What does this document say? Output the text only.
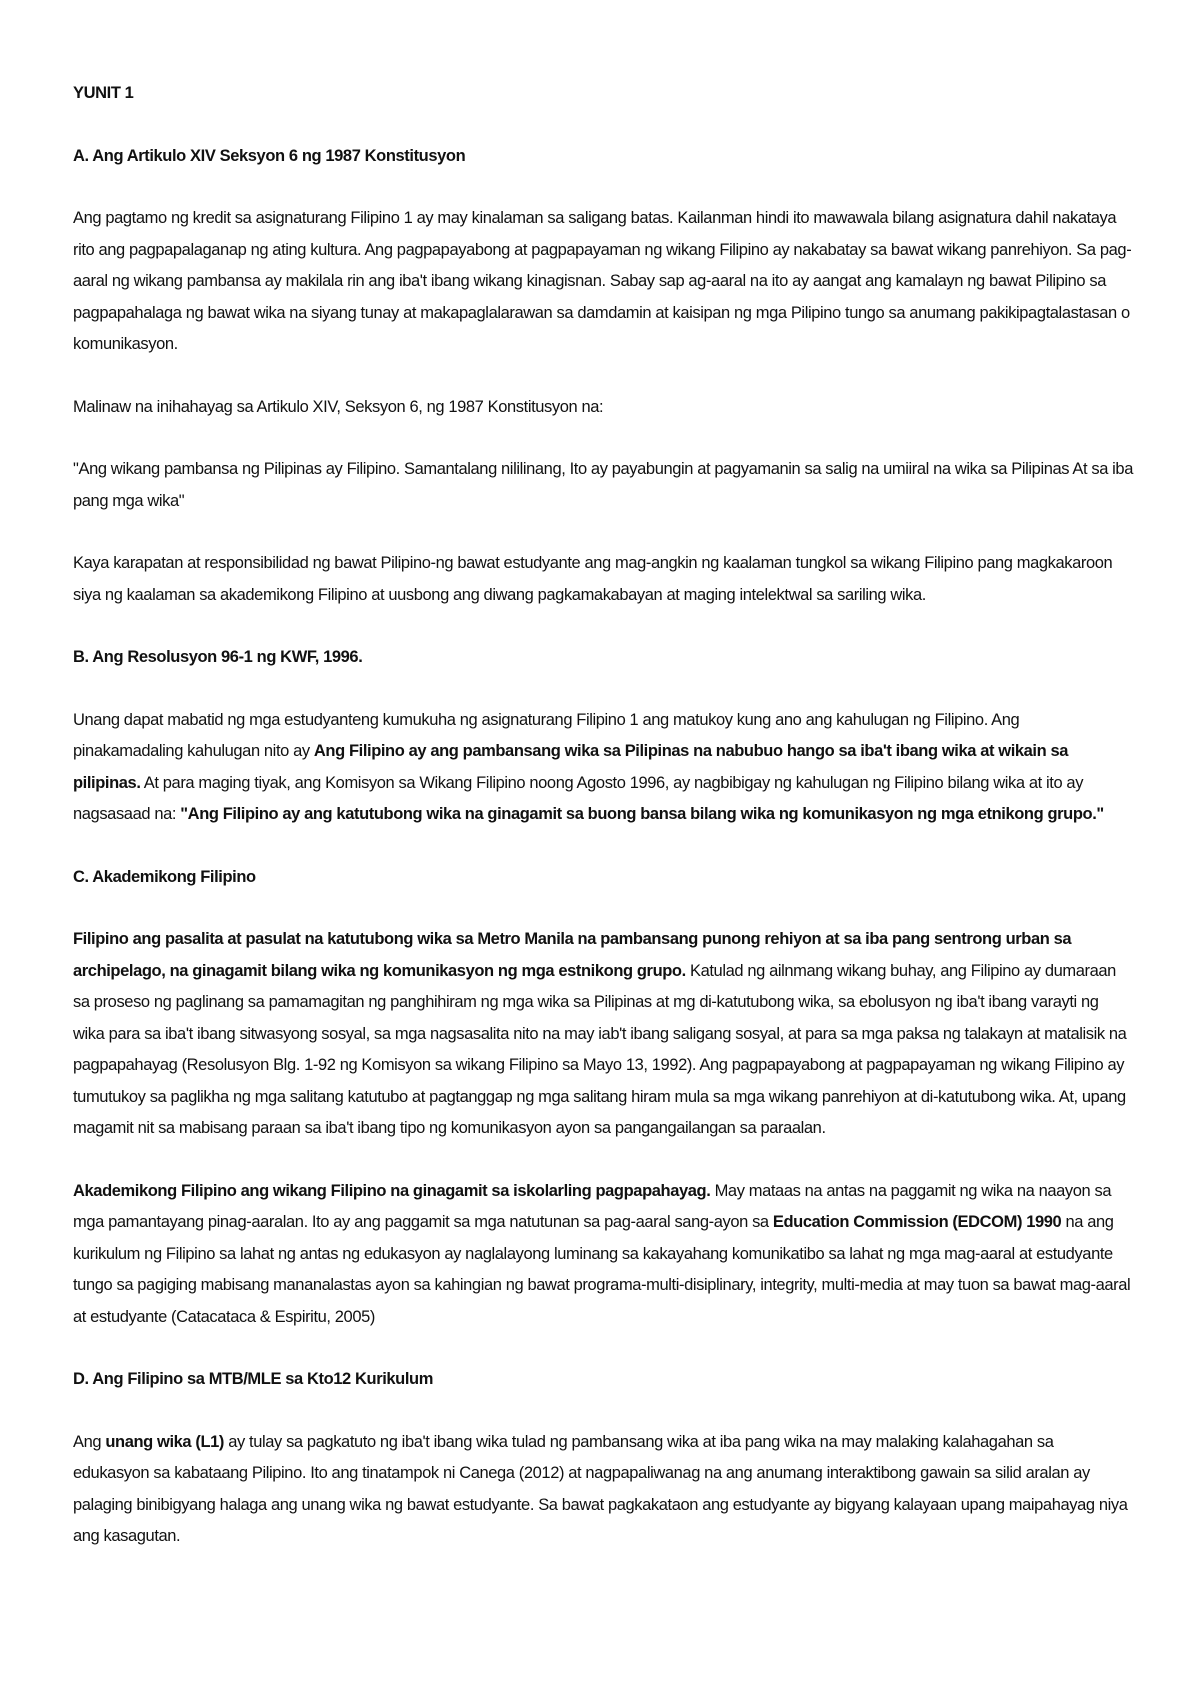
YUNIT 1

A. Ang Artikulo XIV Seksyon 6 ng 1987 Konstitusyon

Ang pagtamo ng kredit sa asignaturang Filipino 1 ay may kinalaman sa saligang batas. Kailanman hindi ito mawawala bilang asignatura dahil nakataya rito ang pagpapalaganap ng ating kultura. Ang pagpapayabong at pagpapayaman ng wikang Filipino ay nakabatay sa bawat wikang panrehiyon. Sa pag-aaral ng wikang pambansa ay makilala rin ang iba't ibang wikang kinagisnan. Sabay sap ag-aaral na ito ay aangat ang kamalayn ng bawat Pilipino sa pagpapahalaga ng bawat wika na siyang tunay at makapaglalarawan sa damdamin at kaisipan ng mga Pilipino tungo sa anumang pakikipagtalastasan o komunikasyon.

Malinaw na inihahayag sa Artikulo XIV, Seksyon 6, ng 1987 Konstitusyon na:

"Ang wikang pambansa ng Pilipinas ay Filipino. Samantalang nililinang, Ito ay payabungin at pagyamanin sa salig na umiiral na wika sa Pilipinas At sa iba pang mga wika"

Kaya karapatan at responsibilidad ng bawat Pilipino-ng bawat estudyante ang mag-angkin ng kaalaman tungkol sa wikang Filipino pang magkakaroon siya ng kaalaman sa akademikong Filipino at uusbong ang diwang pagkamakabayan at maging intelektwal sa sariling wika.

B. Ang Resolusyon 96-1 ng KWF, 1996.

Unang dapat mabatid ng mga estudyanteng kumukuha ng asignaturang Filipino 1 ang matukoy kung ano ang kahulugan ng Filipino. Ang pinakamadaling kahulugan nito ay Ang Filipino ay ang pambansang wika sa Pilipinas na nabubuo hango sa iba't ibang wika at wikain sa pilipinas. At para maging tiyak, ang Komisyon sa Wikang Filipino noong Agosto 1996, ay nagbibigay ng kahulugan ng Filipino bilang wika at ito ay nagsasaad na: "Ang Filipino ay ang katutubong wika na ginagamit sa buong bansa bilang wika ng komunikasyon ng mga etnikong grupo."

C. Akademikong Filipino

Filipino ang pasalita at pasulat na katutubong wika sa Metro Manila na pambansang punong rehiyon at sa iba pang sentrong urban sa archipelago, na ginagamit bilang wika ng komunikasyon ng mga estnikong grupo. Katulad ng ailnmang wikang buhay, ang Filipino ay dumaraan sa proseso ng paglinang sa pamamagitan ng panghihiram ng mga wika sa Pilipinas at mg di-katutubong wika, sa ebolusyon ng iba't ibang varayti ng wika para sa iba't ibang sitwasyong sosyal, sa mga nagsasalita nito na may iab't ibang saligang sosyal, at para sa mga paksa ng talakayn at matalisik na pagpapahayag (Resolusyon Blg. 1-92 ng Komisyon sa wikang Filipino sa Mayo 13, 1992). Ang pagpapayabong at pagpapayaman ng wikang Filipino ay tumutukoy sa paglikha ng mga salitang katutubo at pagtanggap ng mga salitang hiram mula sa mga wikang panrehiyon at di-katutubong wika. At, upang magamit nit sa mabisang paraan sa iba't ibang tipo ng komunikasyon ayon sa pangangailangan sa paraalan.

Akademikong Filipino ang wikang Filipino na ginagamit sa iskolarling pagpapahayag. May mataas na antas na paggamit ng wika na naayon sa mga pamantayang pinag-aaralan. Ito ay ang paggamit sa mga natutunan sa pag-aaral sang-ayon sa Education Commission (EDCOM) 1990 na ang kurikulum ng Filipino sa lahat ng antas ng edukasyon ay naglalayong luminang sa kakayahang komunikatibo sa lahat ng mga mag-aaral at estudyante tungo sa pagiging mabisang mananalastas ayon sa kahingian ng bawat programa-multi-disiplinary, integrity, multi-media at may tuon sa bawat mag-aaral at estudyante (Catacataca & Espiritu, 2005)

D. Ang Filipino sa MTB/MLE sa Kto12 Kurikulum

Ang unang wika (L1) ay tulay sa pagkatuto ng iba't ibang wika tulad ng pambansang wika at iba pang wika na may malaking kalahagahan sa edukasyon sa kabataang Pilipino. Ito ang tinatampok ni Canega (2012) at nagpapaliwanag na ang anumang interaktibong gawain sa silid aralan ay palaging binibigyang halaga ang unang wika ng bawat estudyante. Sa bawat pagkakataon ang estudyante ay bigyang kalayaan upang maipahayag niya ang kasagutan.
